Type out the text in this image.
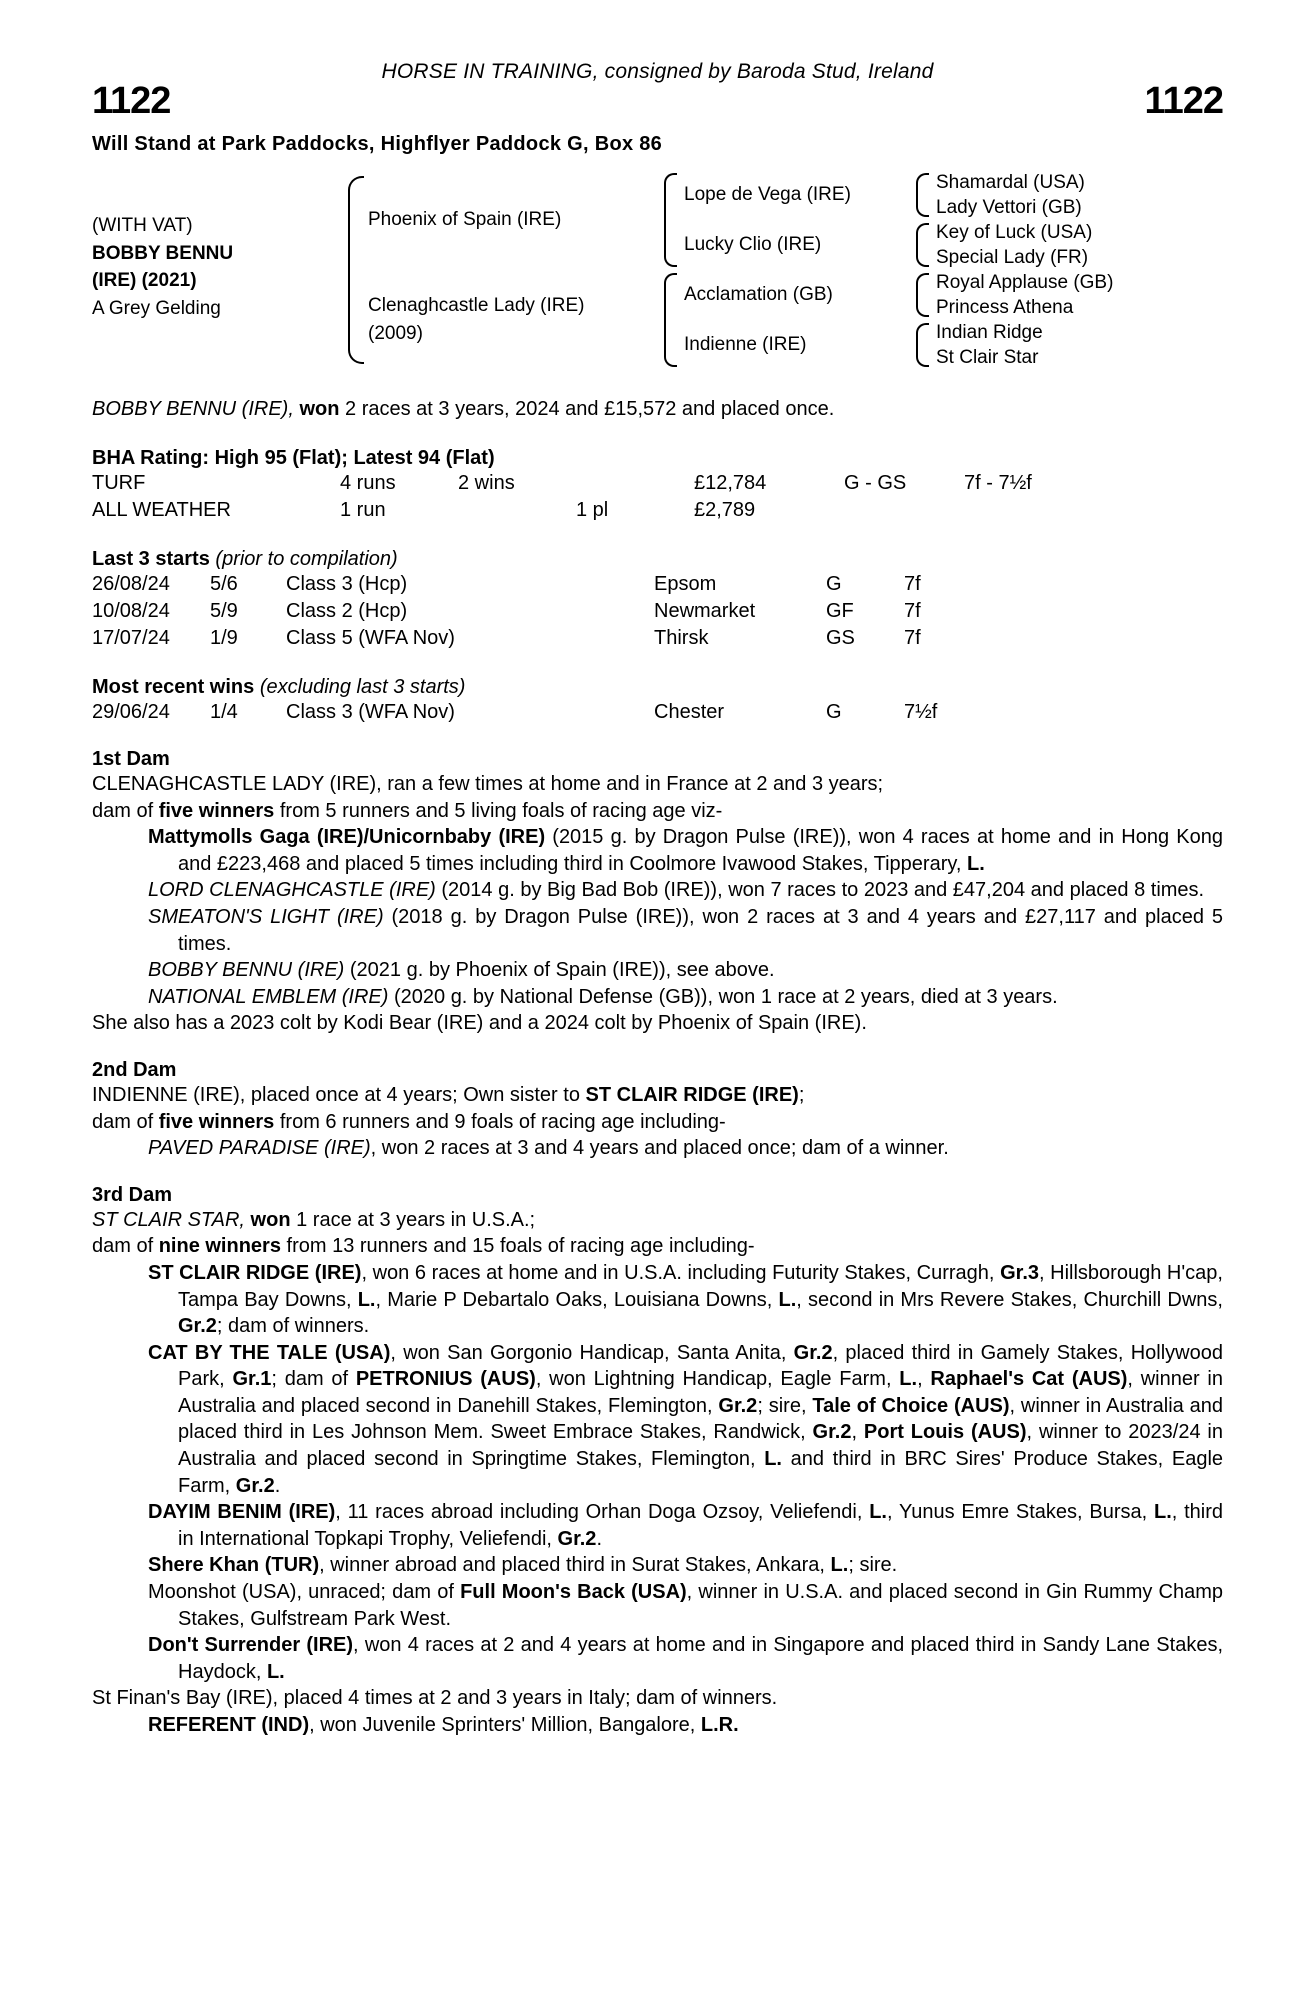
HORSE IN TRAINING, consigned by Baroda Stud, Ireland
1122	1122
Will Stand at Park Paddocks, Highflyer Paddock G, Box 86
(WITH VAT)
BOBBY BENNU
(IRE) (2021)
A Grey Gelding
Phoenix of Spain (IRE)
Clenaghcastle Lady (IRE)
(2009)
Lope de Vega (IRE)
Lucky Clio (IRE)
Acclamation (GB)
Indienne (IRE)
Shamardal (USA)
Lady Vettori (GB)
Key of Luck (USA)
Special Lady (FR)
Royal Applause (GB)
Princess Athena
Indian Ridge
St Clair Star
BOBBY BENNU (IRE), won 2 races at 3 years, 2024 and £15,572 and placed once.
BHA Rating: High 95 (Flat); Latest 94 (Flat)
TURF	4 runs	2 wins	£12,784	G - GS	7f - 7½f
ALL WEATHER	1 run	1 pl	£2,789
Last 3 starts (prior to compilation)
26/08/24	5/6	Class 3 (Hcp)	Epsom	G	7f
10/08/24	5/9	Class 2 (Hcp)	Newmarket	GF	7f
17/07/24	1/9	Class 5 (WFA Nov)	Thirsk	GS	7f
Most recent wins (excluding last 3 starts)
29/06/24	1/4	Class 3 (WFA Nov)	Chester	G	7½f
1st Dam
CLENAGHCASTLE LADY (IRE), ran a few times at home and in France at 2 and 3 years;
dam of five winners from 5 runners and 5 living foals of racing age viz-
Mattymolls Gaga (IRE)/Unicornbaby (IRE) (2015 g. by Dragon Pulse (IRE)), won 4 races at home and in Hong Kong and £223,468 and placed 5 times including third in Coolmore Ivawood Stakes, Tipperary, L.
LORD CLENAGHCASTLE (IRE) (2014 g. by Big Bad Bob (IRE)), won 7 races to 2023 and £47,204 and placed 8 times.
SMEATON'S LIGHT (IRE) (2018 g. by Dragon Pulse (IRE)), won 2 races at 3 and 4 years and £27,117 and placed 5 times.
BOBBY BENNU (IRE) (2021 g. by Phoenix of Spain (IRE)), see above.
NATIONAL EMBLEM (IRE) (2020 g. by National Defense (GB)), won 1 race at 2 years, died at 3 years.
She also has a 2023 colt by Kodi Bear (IRE) and a 2024 colt by Phoenix of Spain (IRE).
2nd Dam
INDIENNE (IRE), placed once at 4 years; Own sister to ST CLAIR RIDGE (IRE);
dam of five winners from 6 runners and 9 foals of racing age including-
PAVED PARADISE (IRE), won 2 races at 3 and 4 years and placed once; dam of a winner.
3rd Dam
ST CLAIR STAR, won 1 race at 3 years in U.S.A.;
dam of nine winners from 13 runners and 15 foals of racing age including-
ST CLAIR RIDGE (IRE), won 6 races at home and in U.S.A. including Futurity Stakes, Curragh, Gr.3, Hillsborough H'cap, Tampa Bay Downs, L., Marie P Debartalo Oaks, Louisiana Downs, L., second in Mrs Revere Stakes, Churchill Dwns, Gr.2; dam of winners.
CAT BY THE TALE (USA), won San Gorgonio Handicap, Santa Anita, Gr.2, placed third in Gamely Stakes, Hollywood Park, Gr.1; dam of PETRONIUS (AUS), won Lightning Handicap, Eagle Farm, L., Raphael's Cat (AUS), winner in Australia and placed second in Danehill Stakes, Flemington, Gr.2; sire, Tale of Choice (AUS), winner in Australia and placed third in Les Johnson Mem. Sweet Embrace Stakes, Randwick, Gr.2, Port Louis (AUS), winner to 2023/24 in Australia and placed second in Springtime Stakes, Flemington, L. and third in BRC Sires' Produce Stakes, Eagle Farm, Gr.2.
DAYIM BENIM (IRE), 11 races abroad including Orhan Doga Ozsoy, Veliefendi, L., Yunus Emre Stakes, Bursa, L., third in International Topkapi Trophy, Veliefendi, Gr.2.
Shere Khan (TUR), winner abroad and placed third in Surat Stakes, Ankara, L.; sire.
Moonshot (USA), unraced; dam of Full Moon's Back (USA), winner in U.S.A. and placed second in Gin Rummy Champ Stakes, Gulfstream Park West.
Don't Surrender (IRE), won 4 races at 2 and 4 years at home and in Singapore and placed third in Sandy Lane Stakes, Haydock, L.
St Finan's Bay (IRE), placed 4 times at 2 and 3 years in Italy; dam of winners.
REFERENT (IND), won Juvenile Sprinters' Million, Bangalore, L.R.
